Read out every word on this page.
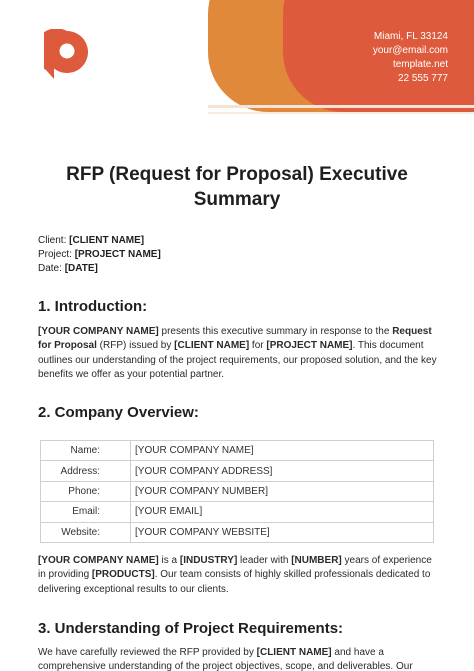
Miami, FL 33124
your@email.com
template.net
22 555 777
RFP (Request for Proposal) Executive
Summary
Client: [CLIENT NAME]
Project: [PROJECT NAME]
Date: [DATE]
1. Introduction:
[YOUR COMPANY NAME] presents this executive summary in response to the Request for Proposal (RFP) issued by [CLIENT NAME] for [PROJECT NAME]. This document outlines our understanding of the project requirements, our proposed solution, and the key benefits we offer as your potential partner.
2. Company Overview:
Name:	[YOUR COMPANY NAME]
Address:	[YOUR COMPANY ADDRESS]
Phone:	[YOUR COMPANY NUMBER]
Email:	[YOUR EMAIL]
Website:	[YOUR COMPANY WEBSITE]
[YOUR COMPANY NAME] is a [INDUSTRY] leader with [NUMBER] years of experience in providing [PRODUCTS]. Our team consists of highly skilled professionals dedicated to delivering exceptional results to our clients.
3. Understanding of Project Requirements:
We have carefully reviewed the RFP provided by [CLIENT NAME] and have a comprehensive understanding of the project objectives, scope, and deliverables. Our
